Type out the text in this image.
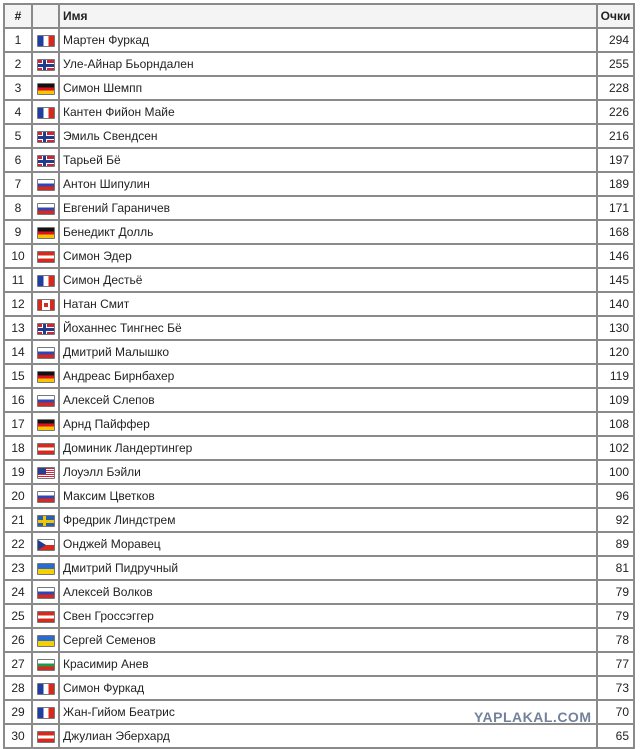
#		Имя	Очки
1		Мартен Фуркад	294
2		Уле-Айнар Бьорндален	255
3		Симон Шемпп	228
4		Кантен Фийон Майе	226
5		Эмиль Свендсен	216
6		Тарьей Бё	197
7		Антон Шипулин	189
8		Евгений Гараничев	171
9		Бенедикт Долль	168
10		Симон Эдер	146
11		Симон Дестьё	145
12		Натан Смит	140
13		Йоханнес Тингнес Бё	130
14		Дмитрий Малышко	120
15		Андреас Бирнбахер	119
16		Алексей Слепов	109
17		Арнд Пайффер	108
18		Доминик Ландертингер	102
19		Лоуэлл Бэйли	100
20		Максим Цветков	96
21		Фредрик Линдстрем	92
22		Онджей Моравец	89
23		Дмитрий Пидручный	81
24		Алексей Волков	79
25		Свен Гроссэггер	79
26		Сергей Семенов	78
27		Красимир Анев	77
28		Симон Фуркад	73
29		Жан-Гийом Беатрис	70
30		Джулиан Эберхард	65
YAPLAKAL.COM
